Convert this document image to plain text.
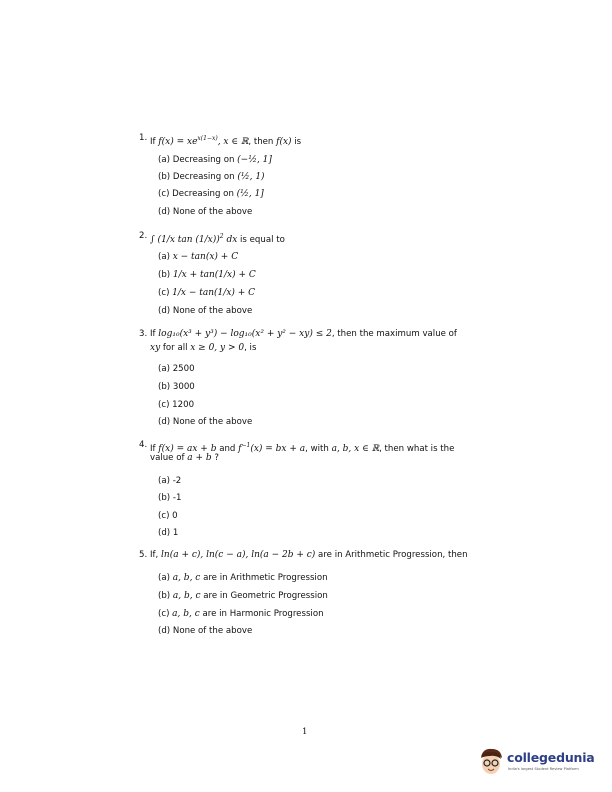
1. If $f(x) = xe^{x(1-x)}$, x ∈ ℝ, then f(x) is
(a) Decreasing on (−½, 1]
(b) Decreasing on (½, 1)
(c) Decreasing on (½, 1]
(d) None of the above
2. ∫ (1/x tan (1/x))$^2$ dx is equal to
(a) x − tan(x) + C
(b) 1/x + tan(1/x) + C
(c) 1/x − tan(1/x) + C
(d) None of the above
3. If log₁₀(x³ + y³) − log₁₀(x² + y² − xy) ≤ 2, then the maximum value of
xy for all x ≥ 0, y > 0, is
(a) 2500
(b) 3000
(c) 1200
(d) None of the above
4. If f(x) = ax + b and $f^{-1}(x)$ = bx + a, with a, b, x ∈ ℝ, then what is the
value of a + b ?
(a) -2
(b) -1
(c) 0
(d) 1
5. If, ln(a + c), ln(c − a), ln(a − 2b + c) are in Arithmetic Progression, then
(a) a, b, c are in Arithmetic Progression
(b) a, b, c are in Geometric Progression
(c) a, b, c are in Harmonic Progression
(d) None of the above
1
collegedunia
India's largest Student Review Platform
